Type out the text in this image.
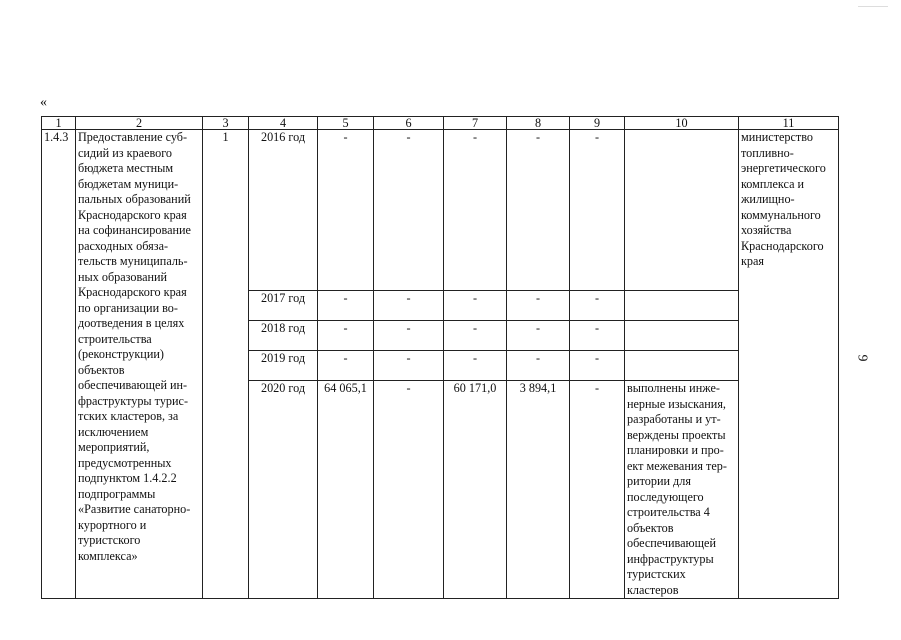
«
9
1	2	3	4	5	6	7	8	9	10	11
1.4.3	Предоставление суб-сидий из краевого бюджета местным бюджетам муници-пальных образований Краснодарского края на софинансирование расходных обяза-тельств муниципаль-ных образований Краснодарского края по организации во-доотведения в целях строительства (реконструкции) объектов обеспечивающей ин-фраструктуры турис-тских кластеров, за исключением мероприятий, предусмотренных подпунктом 1.4.2.2 подпрограммы «Развитие санаторно-курортного и туристского комплекса»	1	2016 год	-	-	-	-	-		министерство топливно-энергетического комплекса и жилищно-коммунального хозяйства Краснодарского края
			2017 год	-	-	-	-	-		
			2018 год	-	-	-	-	-		
			2019 год	-	-	-	-	-		
			2020 год	64 065,1	-	60 171,0	3 894,1	-	выполнены инже-нерные изыскания, разработаны и ут-верждены проекты планировки и про-ект межевания тер-ритории для последующего строительства 4 объектов обеспечивающей инфраструктуры туристских кластеров	
